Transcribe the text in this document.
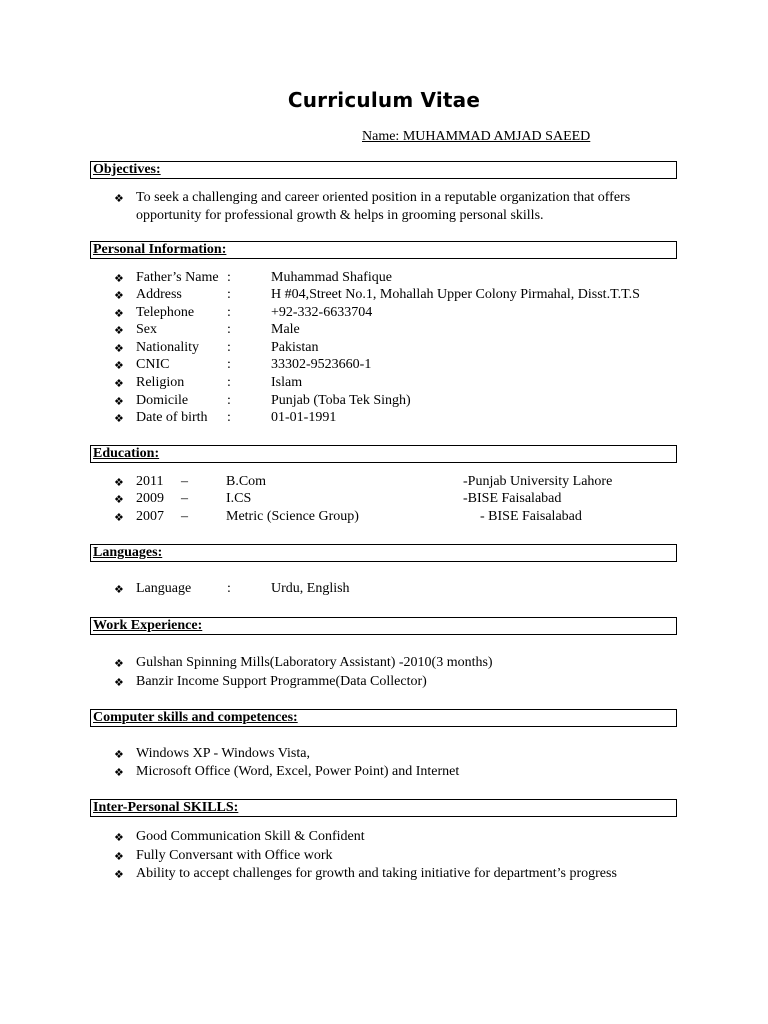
Curriculum Vitae
Name: MUHAMMAD AMJAD SAEED
Objectives:
❖ To seek a challenging and career oriented position in a reputable organization that offers opportunity for professional growth & helps in grooming personal skills.
Personal Information:
❖ Father’s Name :	Muhammad Shafique
❖ Address	:	H #04,Street No.1, Mohallah Upper Colony Pirmahal, Disst.T.T.S
❖ Telephone :	+92-332-6633704
❖ Sex	:	Male
❖ Nationality :	Pakistan
❖ CNIC	:	33302-9523660-1
❖ Religion	:	Islam
❖ Domicile	:	Punjab (Toba Tek Singh)
❖ Date of birth :	01-01-1991
Education:
❖ 2011 –	B.Com	-Punjab University Lahore
❖ 2009 –	I.CS	-BISE Faisalabad
❖ 2007 –	Metric (Science Group)	- BISE Faisalabad
Languages:
❖ Language	:	Urdu, English
Work Experience:
❖ Gulshan Spinning Mills(Laboratory Assistant) -2010(3 months)
❖ Banzir Income Support Programme(Data Collector)
Computer skills and competences:
❖ Windows XP - Windows Vista,
❖ Microsoft Office (Word, Excel, Power Point) and Internet
Inter-Personal SKILLS:
❖ Good Communication Skill & Confident
❖ Fully Conversant with Office work
❖ Ability to accept challenges for growth and taking initiative for department’s progress
